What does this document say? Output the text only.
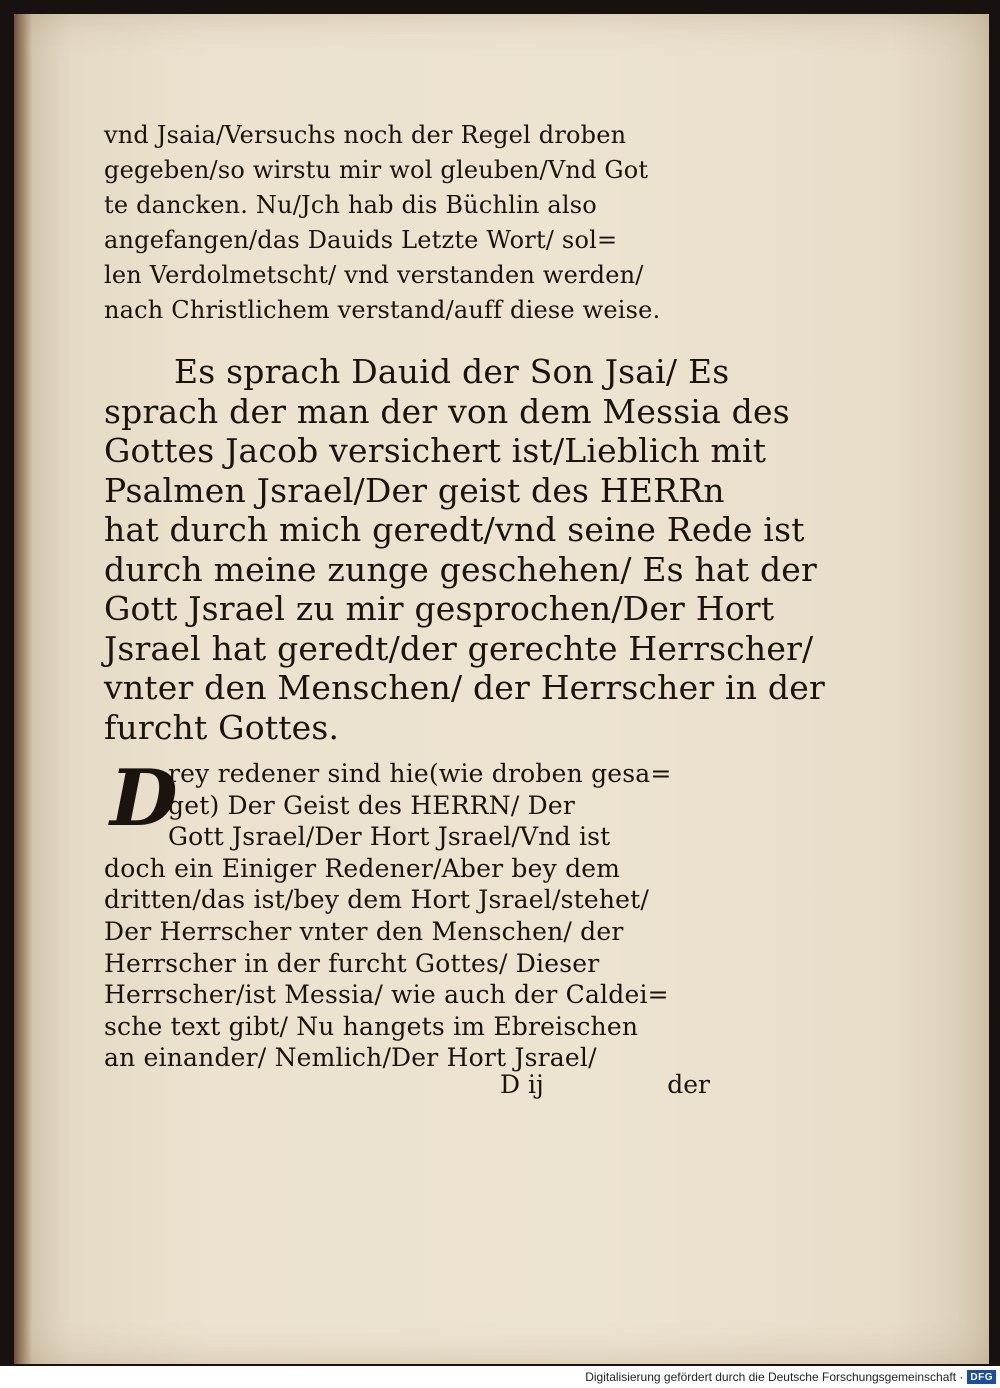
vnd Jsaia/Versuchs noch der Regel droben
gegeben/so wirstu mir wol gleuben/Vnd Got
te dancken. Nu/Jch hab dis Büchlin also
angefangen/das Dauids Letzte Wort/ sol=
len Verdolmetscht/ vnd verstanden werden/
nach Christlichem verstand/auff diese weise.
Es sprach Dauid der Son Jsai/ Es
sprach der man der von dem Messia des
Gottes Jacob versichert ist/Lieblich mit
Psalmen Jsrael/Der geist des HERRn
hat durch mich geredt/vnd seine Rede ist
durch meine zunge geschehen/ Es hat der
Gott Jsrael zu mir gesprochen/Der Hort
Jsrael hat geredt/der gerechte Herrscher/
vnter den Menschen/ der Herrscher in der
furcht Gottes.
D
rey redener sind hie(wie droben gesa=
get) Der Geist des HERRN/ Der
Gott Jsrael/Der Hort Jsrael/Vnd ist
doch ein Einiger Redener/Aber bey dem
dritten/das ist/bey dem Hort Jsrael/stehet/
Der Herrscher vnter den Menschen/ der
Herrscher in der furcht Gottes/ Dieser
Herrscher/ist Messia/ wie auch der Caldei=
sche text gibt/ Nu hangets im Ebreischen
an einander/ Nemlich/Der Hort Jsrael/
D ij	der
Digitalisierung gefördert durch die Deutsche Forschungsgemeinschaft · DFG
